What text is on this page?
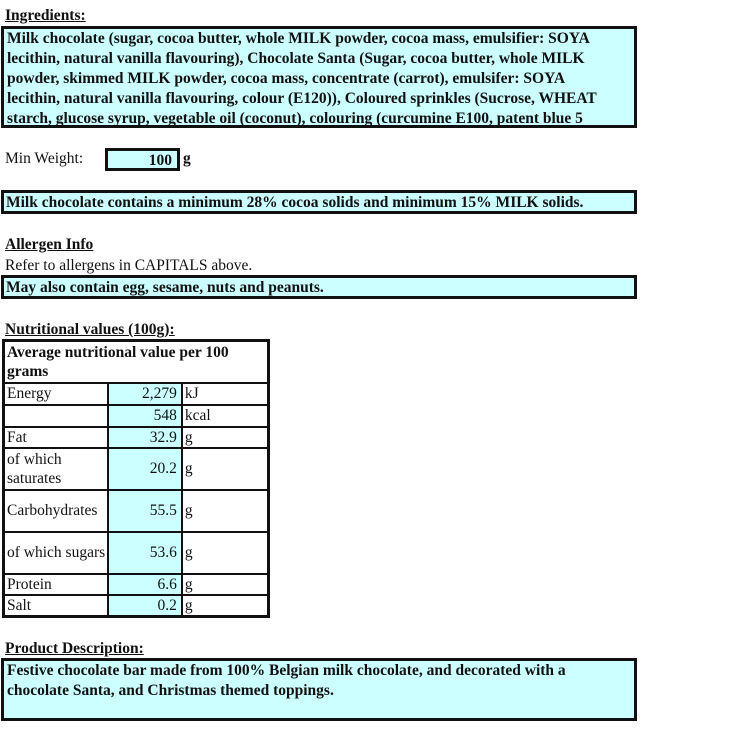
Ingredients:
Milk chocolate (sugar, cocoa butter, whole MILK powder, cocoa mass, emulsifier: SOYA lecithin, natural vanilla flavouring), Chocolate Santa (Sugar, cocoa butter, whole MILK powder, skimmed MILK powder, cocoa mass, concentrate (carrot), emulsifer: SOYA lecithin, natural vanilla flavouring, colour (E120)), Coloured sprinkles (Sucrose, WHEAT starch, glucose syrup, vegetable oil (coconut), colouring (curcumine E100, patent blue 5
Min Weight:	100 g
Milk chocolate contains a minimum 28% cocoa solids and minimum 15% MILK solids.
Allergen Info
Refer to allergens in CAPITALS above.
May also contain egg, sesame, nuts and peanuts.
Nutritional values (100g):
Average nutritional value per 100 grams		
Energy	2,279	kJ
	548	kcal
Fat	32.9	g
of which saturates	20.2	g
Carbohydrates	55.5	g
of which sugars	53.6	g
Protein	6.6	g
Salt	0.2	g
Product Description:
Festive chocolate bar made from 100% Belgian milk chocolate, and decorated with a chocolate Santa, and Christmas themed toppings.
